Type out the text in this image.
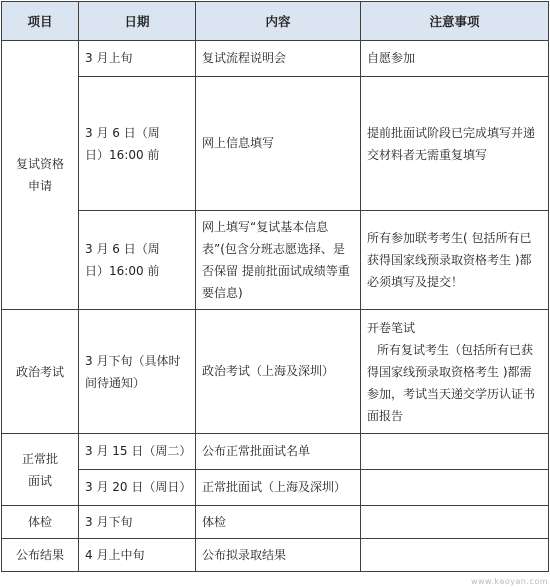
项目	日期	内容	注意事项

复试资格申请	3 月上旬	复试流程说明会	自愿参加

	3 月 6 日（周日）16:00 前	网上信息填写	提前批面试阶段已完成填写并递交材料者无需重复填写

	3 月 6 日（周日）16:00 前	网上填写“复试基本信息表”(包含分班志愿选择、是否保留 提前批面试成绩等重要信息)	所有参加联考考生( 包括所有已获得国家线预录取资格考生 )都必须填写及提交！
政治考试	3 月下旬（具体时间待通知）	政治考试（上海及深圳）	开卷笔试
所有复试考生（包括所有已获得国家线预录取资格考生 )都需参加，考试当天递交学历认证书面报告

正常批面试	3 月 15 日（周二）	公布正常批面试名单	
	3 月 20 日（周日）	正常批面试（上海及深圳）	
体检	3 月下旬	体检	
公布结果	4 月上中旬	公布拟录取结果	
www.kaoyan.com
